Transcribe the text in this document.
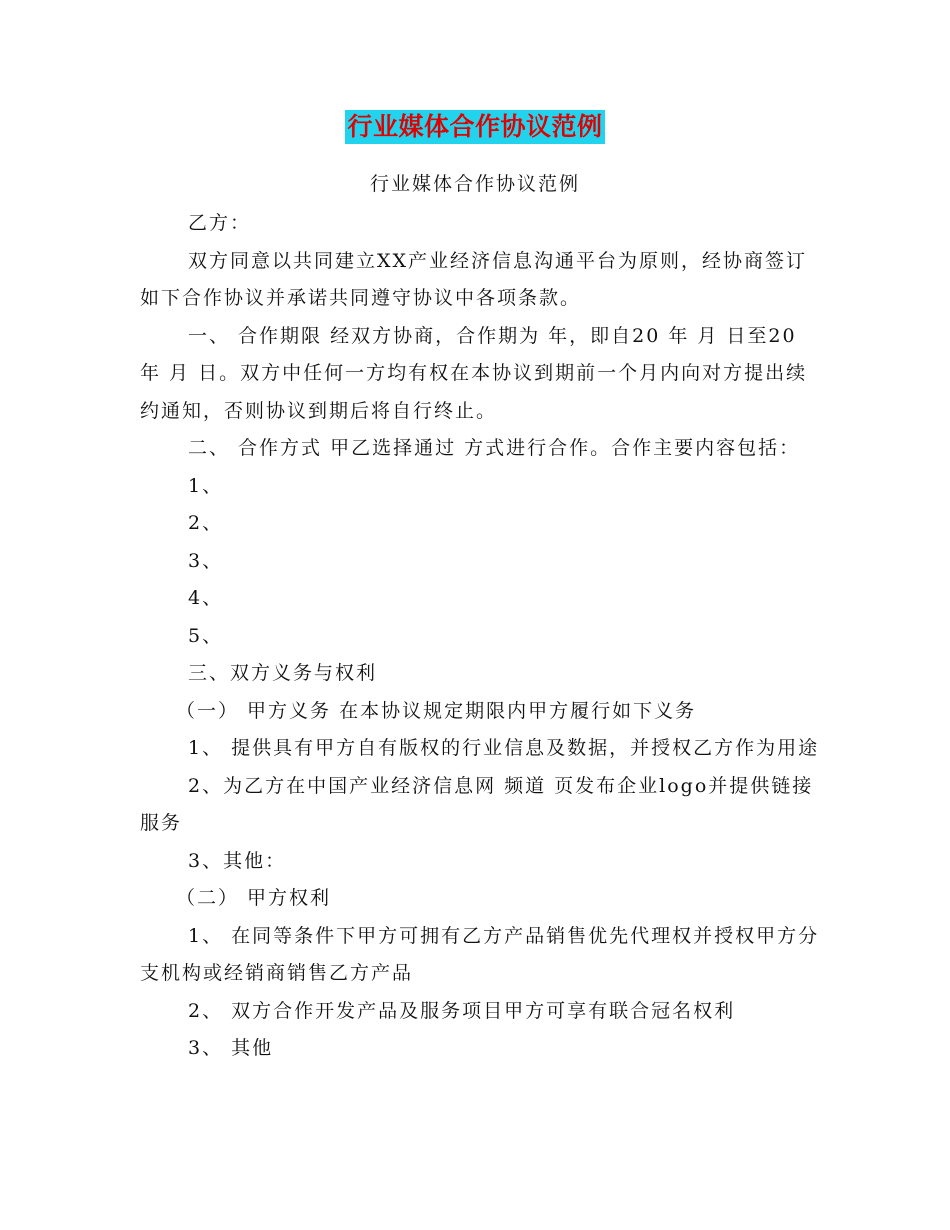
行业媒体合作协议范例
行业媒体合作协议范例

乙方：

双方同意以共同建立XX产业经济信息沟通平台为原则，经协商签订如下合作协议并承诺共同遵守协议中各项条款。

一、 合作期限 经双方协商，合作期为 年，即自20 年 月 日至20 年 月 日。双方中任何一方均有权在本协议到期前一个月内向对方提出续约通知，否则协议到期后将自行终止。

二、 合作方式 甲乙选择通过 方式进行合作。合作主要内容包括：

1、

2、

3、

4、

5、

三、双方义务与权利

（一） 甲方义务 在本协议规定期限内甲方履行如下义务

1、 提供具有甲方自有版权的行业信息及数据，并授权乙方作为用途

2、为乙方在中国产业经济信息网 频道 页发布企业logo并提供链接服务

3、其他：

（二） 甲方权利

1、 在同等条件下甲方可拥有乙方产品销售优先代理权并授权甲方分支机构或经销商销售乙方产品

2、 双方合作开发产品及服务项目甲方可享有联合冠名权利

3、 其他
